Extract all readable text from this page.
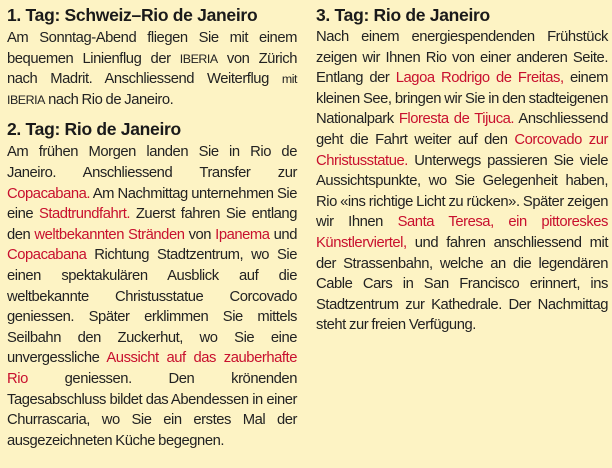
1. Tag: Schweiz–Rio de Janeiro

Am Sonntag-Abend fliegen Sie mit einem bequemen Linienflug der IBERIA von Zürich nach Madrit. Anschliessend Weiterflug mit IBERIA nach Rio de Janeiro.

2. Tag: Rio de Janeiro

Am frühen Morgen landen Sie in Rio de Janeiro. Anschliessend Transfer zur Copacabana. Am Nachmittag unternehmen Sie eine Stadtrundfahrt. Zuerst fahren Sie entlang den weltbekannten Stränden von Ipanema und Copacabana Richtung Stadtzentrum, wo Sie einen spektakulären Ausblick auf die weltbekannte Christusstatue Corcovado geniessen. Später erklimmen Sie mittels Seilbahn den Zuckerhut, wo Sie eine unvergessliche Aussicht auf das zauberhafte Rio geniessen. Den krönenden Tagesabschluss bildet das Abendessen in einer Churrascaria, wo Sie ein erstes Mal der ausgezeichneten Küche begegnen.

3. Tag: Rio de Janeiro

Nach einem energiespendenden Frühstück zeigen wir Ihnen Rio von einer anderen Seite. Entlang der Lagoa Rodrigo de Freitas, einem kleinen See, bringen wir Sie in den stadteigenen Nationalpark Floresta de Tijuca. Anschliessend geht die Fahrt weiter auf den Corcovado zur Christusstatue. Unterwegs passieren Sie viele Aussichtspunkte, wo Sie Gelegenheit haben, Rio «ins richtige Licht zu rücken». Später zeigen wir Ihnen Santa Teresa, ein pittoreskes Künstlerviertel, und fahren anschliessend mit der Strassenbahn, welche an die legendären Cable Cars in San Francisco erinnert, ins Stadtzentrum zur Kathedrale. Der Nachmittag steht zur freien Verfügung.
